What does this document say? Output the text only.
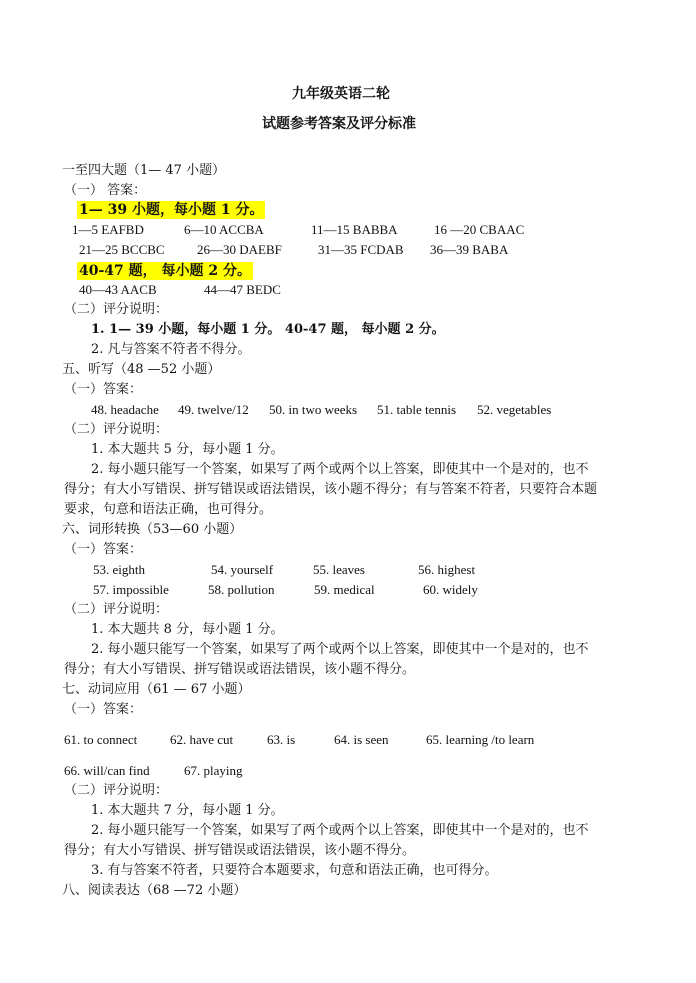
九年级英语二轮
试题参考答案及评分标准
一至四大题（1— 47 小题）
（一） 答案：
1— 39 小题，每小题 1 分。
1—5 EAFBD	6—10 ACCBA	11—15 BABBA	16 —20 CBAAC
21—25 BCCBC 26—30 DAEBF	31—35 FCDAB 36—39 BABA
40-47 题， 每小题 2 分。
40—43 AACB	44—47 BEDC
（二）评分说明：
1. 1— 39 小题，每小题 1 分。 40-47 题， 每小题 2 分。
2. 凡与答案不符者不得分。
五、听写（48 —52 小题）
（一）答案：
48. headache 49. twelve/12 50. in two weeks 51. table tennis 52. vegetables
（二）评分说明：
1. 本大题共 5 分，每小题 1 分。
2. 每小题只能写一个答案，如果写了两个或两个以上答案，即使其中一个是对的，也不
得分；有大小写错误、拼写错误或语法错误，该小题不得分；有与答案不符者，只要符合本题
要求，句意和语法正确，也可得分。
六、词形转换（53—60 小题）
（一）答案：
53. eighth	54. yourself	55. leaves	56. highest
57. impossible	58. pollution	59. medical	60. widely
（二）评分说明：
1. 本大题共 8 分，每小题 1 分。
2. 每小题只能写一个答案，如果写了两个或两个以上答案，即使其中一个是对的，也不
得分；有大小写错误、拼写错误或语法错误，该小题不得分。
七、动词应用（61 — 67 小题）
（一）答案：
61. to connect	62. have cut	63. is	64. is seen	65. learning /to learn
66. will/can find	67. playing
（二）评分说明：
1. 本大题共 7 分，每小题 1 分。
2. 每小题只能写一个答案，如果写了两个或两个以上答案，即使其中一个是对的，也不
得分；有大小写错误、拼写错误或语法错误，该小题不得分。
3. 有与答案不符者，只要符合本题要求，句意和语法正确，也可得分。
八、阅读表达（68 —72 小题）
